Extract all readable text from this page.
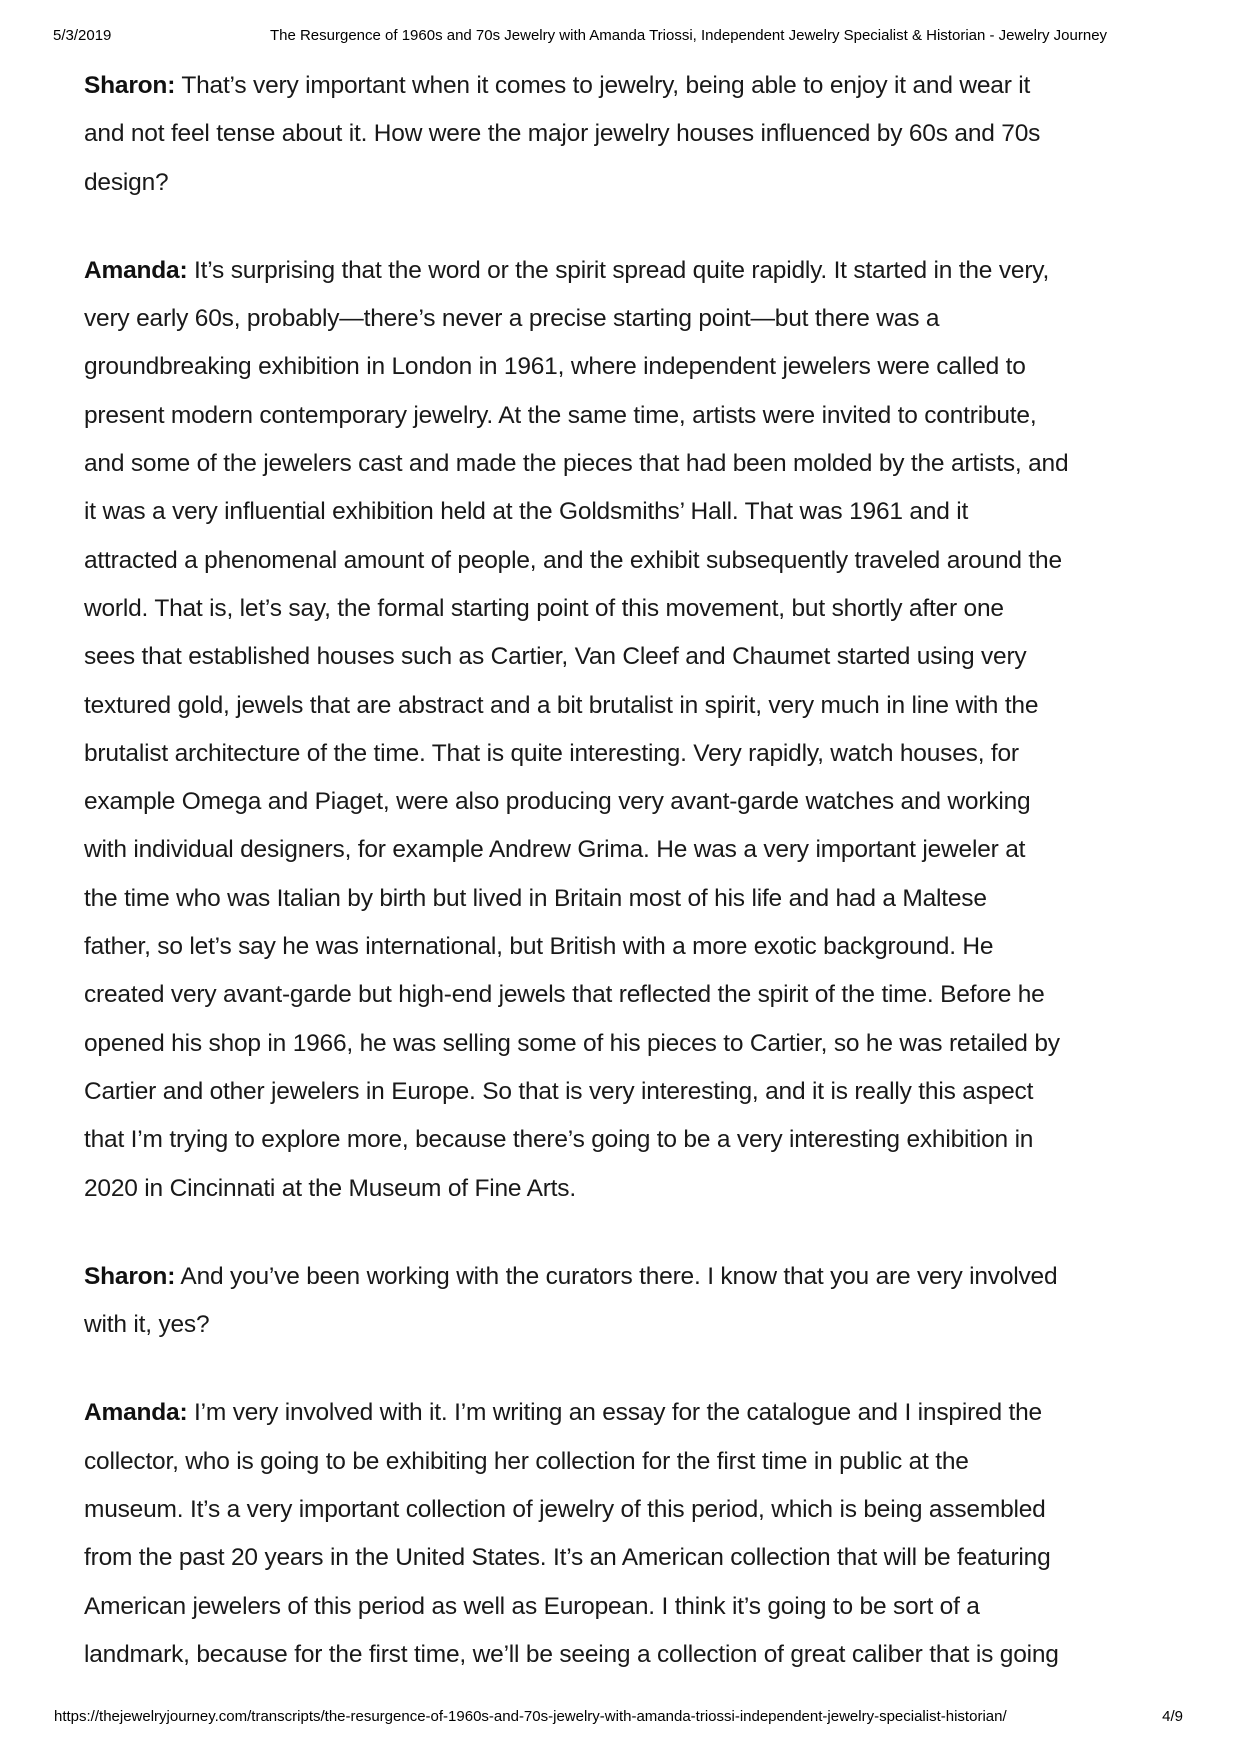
5/3/2019	The Resurgence of 1960s and 70s Jewelry with Amanda Triossi, Independent Jewelry Specialist & Historian - Jewelry Journey
Sharon: That’s very important when it comes to jewelry, being able to enjoy it and wear it
and not feel tense about it. How were the major jewelry houses influenced by 60s and 70s
design?
Amanda: It’s surprising that the word or the spirit spread quite rapidly. It started in the very,
very early 60s, probably—there’s never a precise starting point—but there was a
groundbreaking exhibition in London in 1961, where independent jewelers were called to
present modern contemporary jewelry. At the same time, artists were invited to contribute,
and some of the jewelers cast and made the pieces that had been molded by the artists, and
it was a very influential exhibition held at the Goldsmiths’ Hall. That was 1961 and it
attracted a phenomenal amount of people, and the exhibit subsequently traveled around the
world. That is, let’s say, the formal starting point of this movement, but shortly after one
sees that established houses such as Cartier, Van Cleef and Chaumet started using very
textured gold, jewels that are abstract and a bit brutalist in spirit, very much in line with the
brutalist architecture of the time. That is quite interesting. Very rapidly, watch houses, for
example Omega and Piaget, were also producing very avant-garde watches and working
with individual designers, for example Andrew Grima. He was a very important jeweler at
the time who was Italian by birth but lived in Britain most of his life and had a Maltese
father, so let’s say he was international, but British with a more exotic background. He
created very avant-garde but high-end jewels that reflected the spirit of the time. Before he
opened his shop in 1966, he was selling some of his pieces to Cartier, so he was retailed by
Cartier and other jewelers in Europe. So that is very interesting, and it is really this aspect
that I’m trying to explore more, because there’s going to be a very interesting exhibition in
2020 in Cincinnati at the Museum of Fine Arts.
Sharon: And you’ve been working with the curators there. I know that you are very involved
with it, yes?
Amanda: I’m very involved with it. I’m writing an essay for the catalogue and I inspired the
collector, who is going to be exhibiting her collection for the first time in public at the
museum. It’s a very important collection of jewelry of this period, which is being assembled
from the past 20 years in the United States. It’s an American collection that will be featuring
American jewelers of this period as well as European. I think it’s going to be sort of a
landmark, because for the first time, we’ll be seeing a collection of great caliber that is going
https://thejewelryjourney.com/transcripts/the-resurgence-of-1960s-and-70s-jewelry-with-amanda-triossi-independent-jewelry-specialist-historian/	4/9
